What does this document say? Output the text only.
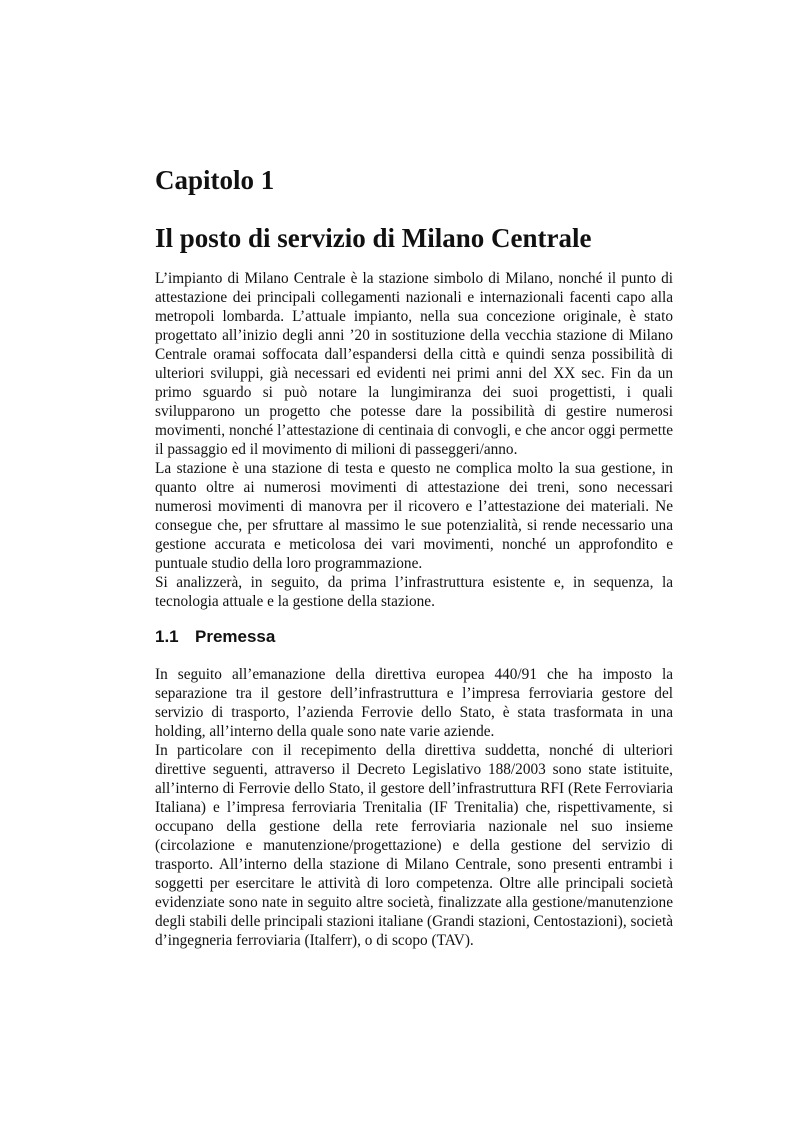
Capitolo 1
Il posto di servizio di Milano Centrale

L’impianto di Milano Centrale è la stazione simbolo di Milano, nonché il punto di attestazione dei principali collegamenti nazionali e internazionali facenti capo alla metropoli lombarda. L’attuale impianto, nella sua concezione originale, è stato progettato all’inizio degli anni ’20 in sostituzione della vecchia stazione di Milano Centrale oramai soffocata dall’espandersi della città e quindi senza possibilità di ulteriori sviluppi, già necessari ed evidenti nei primi anni del XX sec. Fin da un primo sguardo si può notare la lungimiranza dei suoi progettisti, i quali svilupparono un progetto che potesse dare la possibilità di gestire numerosi movimenti, nonché l’attestazione di centinaia di convogli, e che ancor oggi permette il passaggio ed il movimento di milioni di passeggeri/anno.

La stazione è una stazione di testa e questo ne complica molto la sua gestione, in quanto oltre ai numerosi movimenti di attestazione dei treni, sono necessari numerosi movimenti di manovra per il ricovero e l’attestazione dei materiali. Ne consegue che, per sfruttare al massimo le sue potenzialità, si rende necessario una gestione accurata e meticolosa dei vari movimenti, nonché un approfondito e puntuale studio della loro programmazione.

Si analizzerà, in seguito, da prima l’infrastruttura esistente e, in sequenza, la tecnologia attuale e la gestione della stazione.

1.1 Premessa

In seguito all’emanazione della direttiva europea 440/91 che ha imposto la separazione tra il gestore dell’infrastruttura e l’impresa ferroviaria gestore del servizio di trasporto, l’azienda Ferrovie dello Stato, è stata trasformata in una holding, all’interno della quale sono nate varie aziende.

In particolare con il recepimento della direttiva suddetta, nonché di ulteriori direttive seguenti, attraverso il Decreto Legislativo 188/2003 sono state istituite, all’interno di Ferrovie dello Stato, il gestore dell’infrastruttura RFI (Rete Ferroviaria Italiana) e l’impresa ferroviaria Trenitalia (IF Trenitalia) che, rispettivamente, si occupano della gestione della rete ferroviaria nazionale nel suo insieme (circolazione e manutenzione/progettazione) e della gestione del servizio di trasporto. All’interno della stazione di Milano Centrale, sono presenti entrambi i soggetti per esercitare le attività di loro competenza. Oltre alle principali società evidenziate sono nate in seguito altre società, finalizzate alla gestione/manutenzione degli stabili delle principali stazioni italiane (Grandi stazioni, Centostazioni), società d’ingegneria ferroviaria (Italferr), o di scopo (TAV).
